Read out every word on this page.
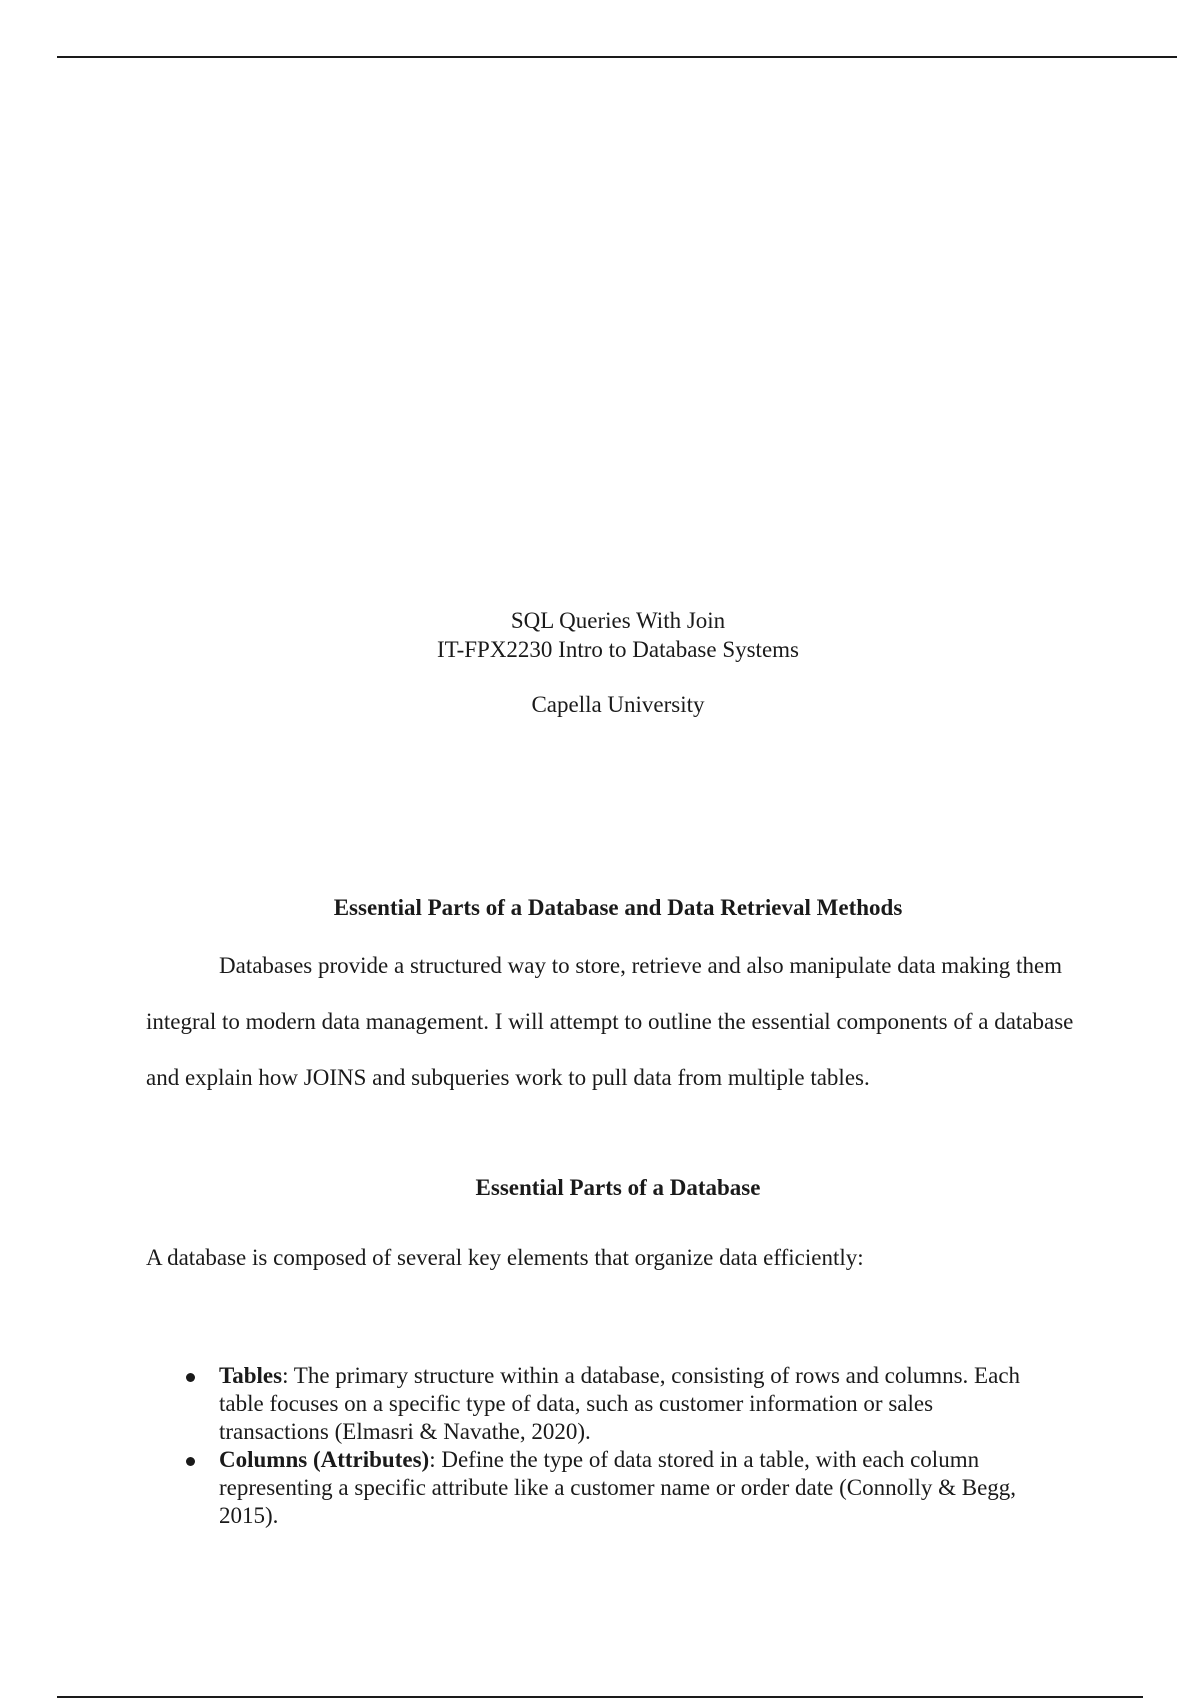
SQL Queries With Join
IT-FPX2230 Intro to Database Systems
Capella University
Essential Parts of a Database and Data Retrieval Methods

Databases provide a structured way to store, retrieve and also manipulate data making them integral to modern data management. I will attempt to outline the essential components of a database and explain how JOINS and subqueries work to pull data from multiple tables.

Essential Parts of a Database

A database is composed of several key elements that organize data efficiently:

Tables: The primary structure within a database, consisting of rows and columns. Each table focuses on a specific type of data, such as customer information or sales transactions (Elmasri & Navathe, 2020).
Columns (Attributes): Define the type of data stored in a table, with each column representing a specific attribute like a customer name or order date (Connolly & Begg, 2015).
